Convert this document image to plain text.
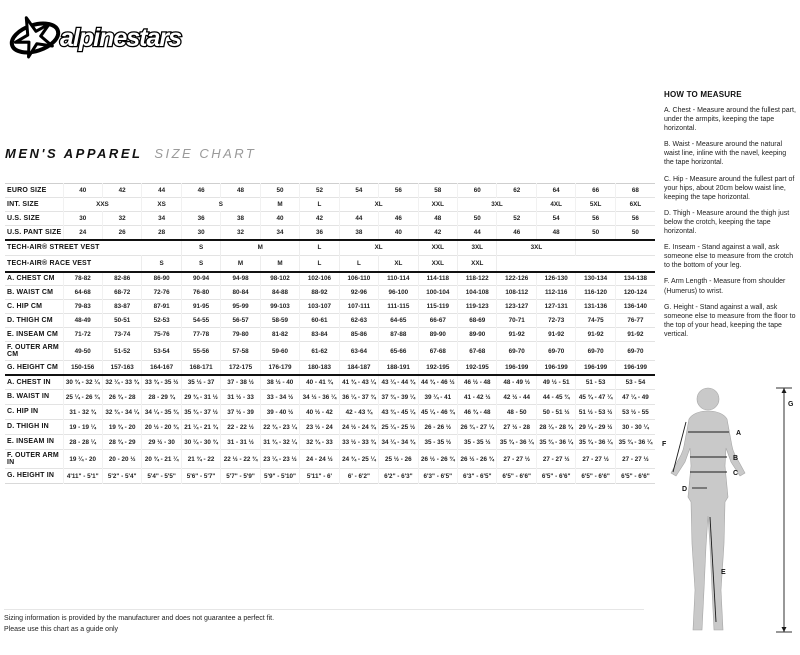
alpinestars
MEN'S APPAREL SIZE CHART
EURO SIZE	40	42	44	46	48	50	52	54	56	58	60	62	64	66	68
INT. SIZE	XXS		XS	S		M	L	XL		XXL	3XL		4XL	5XL	6XL
U.S. SIZE	30	32	34	36	38	40	42	44	46	48	50	52	54	56	56
U.S. PANT SIZE	24	26	28	30	32	34	36	38	40	42	44	46	48	50	50
TECH-AIR® STREET VEST				S	M		L	XL		XXL	3XL	3XL			
TECH-AIR® RACE VEST			S	S	M	M	L	L	XL	XXL	XXL				
A. CHEST CM	78-82	82-86	86-90	90-94	94-98	98-102	102-106	106-110	110-114	114-118	118-122	122-126	126-130	130-134	134-138
B. WAIST CM	64-68	68-72	72-76	76-80	80-84	84-88	88-92	92-96	96-100	100-104	104-108	108-112	112-116	116-120	120-124
C. HIP CM	79-83	83-87	87-91	91-95	95-99	99-103	103-107	107-111	111-115	115-119	119-123	123-127	127-131	131-136	136-140
D. THIGH CM	48-49	50-51	52-53	54-55	56-57	58-59	60-61	62-63	64-65	66-67	68-69	70-71	72-73	74-75	76-77
E. INSEAM CM	71-72	73-74	75-76	77-78	79-80	81-82	83-84	85-86	87-88	89-90	89-90	91-92	91-92	91-92	91-92
F. OUTER ARM CM	49-50	51-52	53-54	55-56	57-58	59-60	61-62	63-64	65-66	67-68	67-68	69-70	69-70	69-70	69-70
G. HEIGHT CM	150-156	157-163	164-167	168-171	172-175	176-179	180-183	184-187	188-191	192-195	192-195	196-199	196-199	196-199	196-199
A. CHEST IN	30 ¾ - 32 ¼	32 ¼ - 33 ¾	33 ¾ - 35 ½	35 ½ - 37	37 - 38 ½	38 ½ - 40	40 - 41 ¾	41 ¾ - 43 ¼	43 ¼ - 44 ¾	44 ¾ - 46 ½	46 ½ - 48	48 - 49 ½	49 ½ - 51	51 - 53	53 - 54
B. WAIST IN	25 ¼ - 26 ¾	26 ¾ - 28	28 - 29 ¾	29 ¾ - 31 ½	31 ½ - 33	33 - 34 ½	34 ½ - 36 ¼	36 ¼ - 37 ¾	37 ¾ - 39 ¼	39 ¼ - 41	41 - 42 ½	42 ½ - 44	44 - 45 ¾	45 ¾ - 47 ¼	47 ¼ - 49
C. HIP IN	31 - 32 ¾	32 ¾ - 34 ¼	34 ¼ - 35 ¾	35 ¾ - 37 ½	37 ½ - 39	39 - 40 ½	40 ½ - 42	42 - 43 ¾	43 ¾ - 45 ¼	45 ¼ - 46 ¾	46 ¾ - 48	48 - 50	50 - 51 ½	51 ½ - 53 ½	53 ½ - 55
D. THIGH IN	19 - 19 ¼	19 ¾ - 20	20 ½ - 20 ¾	21 ¼ - 21 ¾	22 - 22 ½	22 ¾ - 23 ¼	23 ½ - 24	24 ½ - 24 ¾	25 ¼ - 25 ½	26 - 26 ½	26 ¾ - 27 ¼	27 ½ - 28	28 ¼ - 28 ¾	29 ¼ - 29 ½	30 - 30 ¼
E. INSEAM IN	28 - 28 ¼	28 ¾ - 29	29 ½ - 30	30 ¼ - 30 ¾	31 - 31 ½	31 ¾ - 32 ¼	32 ¾ - 33	33 ½ - 33 ¾	34 ¼ - 34 ¾	35 - 35 ½	35 - 35 ½	35 ¾ - 36 ¼	35 ¾ - 36 ¼	35 ¾ - 36 ¼	35 ¾ - 36 ¼
F. OUTER ARM IN	19 ¼ - 20	20 - 20 ½	20 ¾ - 21 ¼	21 ¾ - 22	22 ½ - 22 ¾	23 ¼ - 23 ½	24 - 24 ½	24 ¾ - 25 ¼	25 ½ - 26	26 ½ - 26 ¾	26 ½ - 26 ¾	27 - 27 ½	27 - 27 ½	27 - 27 ½	27 - 27 ½
G. HEIGHT IN	4'11" - 5'1"	5'2" - 5'4"	5'4" - 5'5"	5'6" - 5'7"	5'7" - 5'9"	5'9" - 5'10"	5'11" - 6'	6' - 6'2"	6'2" - 6'3"	6'3" - 6'5"	6'3" - 6'5"	6'5" - 6'6"	6'5" - 6'6"	6'5" - 6'6"	6'5" - 6'6"

HOW TO MEASURE

A. Chest - Measure around the fullest part, under the armpits, keeping the tape horizontal.

B. Waist - Measure around the natural waist line, inline with the navel, keeping the tape horizontal.

C. Hip - Measure around the fullest part of your hips, about 20cm below waist line, keeping the tape horizontal.

D. Thigh - Measure around the thigh just below the crotch, keeping the tape horizontal.

E. Inseam - Stand against a wall, ask someone else to measure from the crotch to the bottom of your leg.

F. Arm Length - Measure from shoulder (Humerus) to wrist.

G. Height - Stand against a wall, ask someone else to measure from the floor to the top of your head, keeping the tape vertical.

A
B
C
D
E
F
G

Sizing information is provided by the manufacturer and does not guarantee a perfect fit.

Please use this chart as a guide only
